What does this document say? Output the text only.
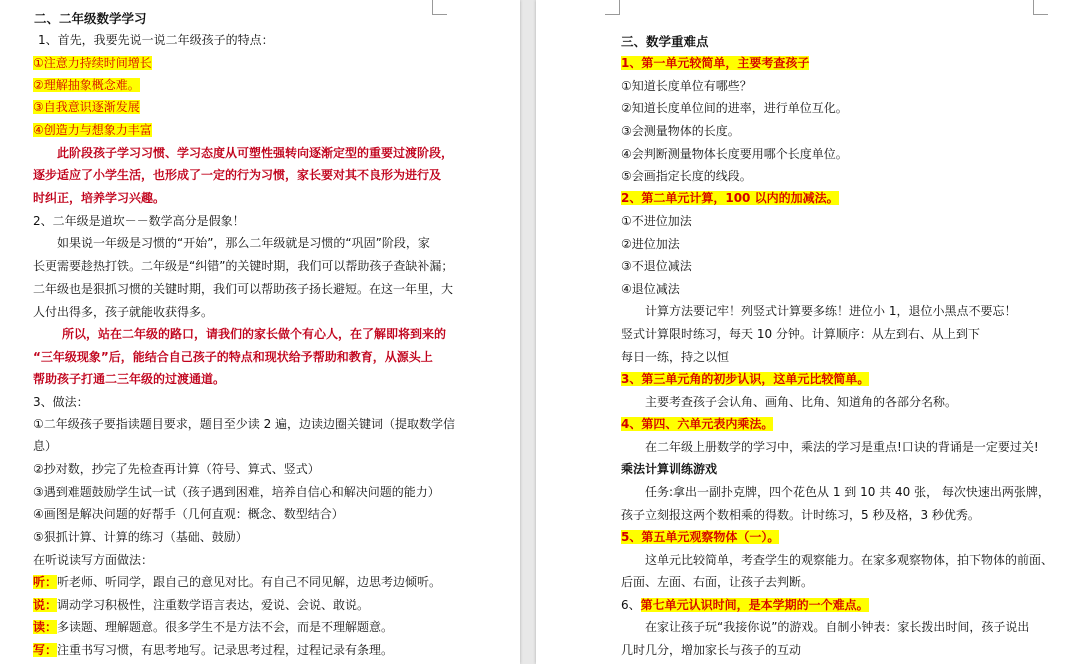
二、二年级数学学习
1、首先，我要先说一说二年级孩子的特点：
①注意力持续时间增长
②理解抽象概念难。
③自我意识逐渐发展
④创造力与想象力丰富
此阶段孩子学习习惯、学习态度从可塑性强转向逐渐定型的重要过渡阶段，
逐步适应了小学生活，也形成了一定的行为习惯，家长要对其不良形为进行及
时纠正，培养学习兴趣。
2、二年级是道坎－－数学高分是假象！
如果说一年级是习惯的“开始”，那么二年级就是习惯的“巩固”阶段，家
长更需要趁热打铁。二年级是“纠错”的关键时期，我们可以帮助孩子查缺补漏；
二年级也是狠抓习惯的关键时期，我们可以帮助孩子扬长避短。在这一年里，大
人付出得多，孩子就能收获得多。
所以，站在二年级的路口，请我们的家长做个有心人，在了解即将到来的
“三年级现象”后，能结合自己孩子的特点和现状给予帮助和教育，从源头上
帮助孩子打通二三年级的过渡通道。
3、做法：
①二年级孩子要指读题目要求，题目至少读 2 遍，边读边圈关键词（提取数学信
息）
②抄对数，抄完了先检查再计算（符号、算式、竖式）
③遇到难题鼓励学生试一试（孩子遇到困难，培养自信心和解决问题的能力）
④画图是解决问题的好帮手（几何直观：概念、数型结合）
⑤狠抓计算、计算的练习（基础、鼓励）
在听说读写方面做法：
听：听老师、听同学，跟自己的意见对比。有自己不同见解，边思考边倾听。
说：调动学习积极性，注重数学语言表达，爱说、会说、敢说。
读：多读题、理解题意。很多学生不是方法不会，而是不理解题意。
写：注重书写习惯，有思考地写。记录思考过程，过程记录有条理。
三、数学重难点
1、第一单元较简单，主要考查孩子
①知道长度单位有哪些？
②知道长度单位间的进率，进行单位互化。
③会测量物体的长度。
④会判断测量物体长度要用哪个长度单位。
⑤会画指定长度的线段。
2、第二单元计算，100 以内的加减法。
①不进位加法
②进位加法
③不退位减法
④退位减法
计算方法要记牢！列竖式计算要多练！进位小 1，退位小黑点不要忘！
竖式计算限时练习，每天 10 分钟。计算顺序：从左到右、从上到下
每日一练，持之以恒
3、第三单元角的初步认识，这单元比较简单。
主要考查孩子会认角、画角、比角、知道角的各部分名称。
4、第四、六单元表内乘法。
在二年级上册数学的学习中，乘法的学习是重点!口诀的背诵是一定要过关!
乘法计算训练游戏
任务:拿出一副扑克牌，四个花色从 1 到 10 共 40 张， 每次快速出两张牌，
孩子立刻报这两个数相乘的得数。计时练习，5 秒及格，3 秒优秀。
5、第五单元观察物体（一）。
这单元比较简单，考查学生的观察能力。在家多观察物体，拍下物体的前面、
后面、左面、右面，让孩子去判断。
6、第七单元认识时间，是本学期的一个难点。
在家让孩子玩“我接你说”的游戏。自制小钟表：家长拨出时间，孩子说出
几时几分，增加家长与孩子的互动
